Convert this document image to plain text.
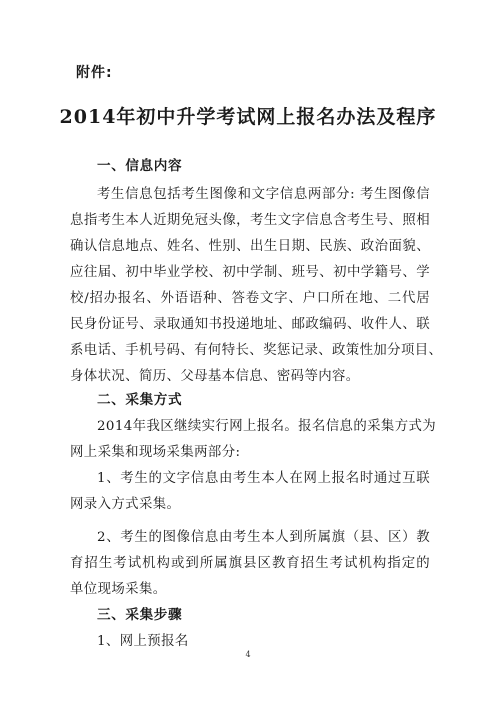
附件:
2014年初中升学考试网上报名办法及程序
一、信息内容
考生信息包括考生图像和文字信息两部分: 考生图像信
息指考生本人近期免冠头像，考生文字信息含考生号、照相
确认信息地点、姓名、性别、出生日期、民族、政治面貌、
应往届、初中毕业学校、初中学制、班号、初中学籍号、学
校/招办报名、外语语种、答卷文字、户口所在地、二代居
民身份证号、录取通知书投递地址、邮政编码、收件人、联
系电话、手机号码、有何特长、奖惩记录、政策性加分项目、
身体状况、简历、父母基本信息、密码等内容。
二、采集方式
2014年我区继续实行网上报名。报名信息的采集方式为
网上采集和现场采集两部分:
1、考生的文字信息由考生本人在网上报名时通过互联
网录入方式采集。
2、考生的图像信息由考生本人到所属旗（县、区）教
育招生考试机构或到所属旗县区教育招生考试机构指定的
单位现场采集。
三、采集步骤
1、网上预报名
4
